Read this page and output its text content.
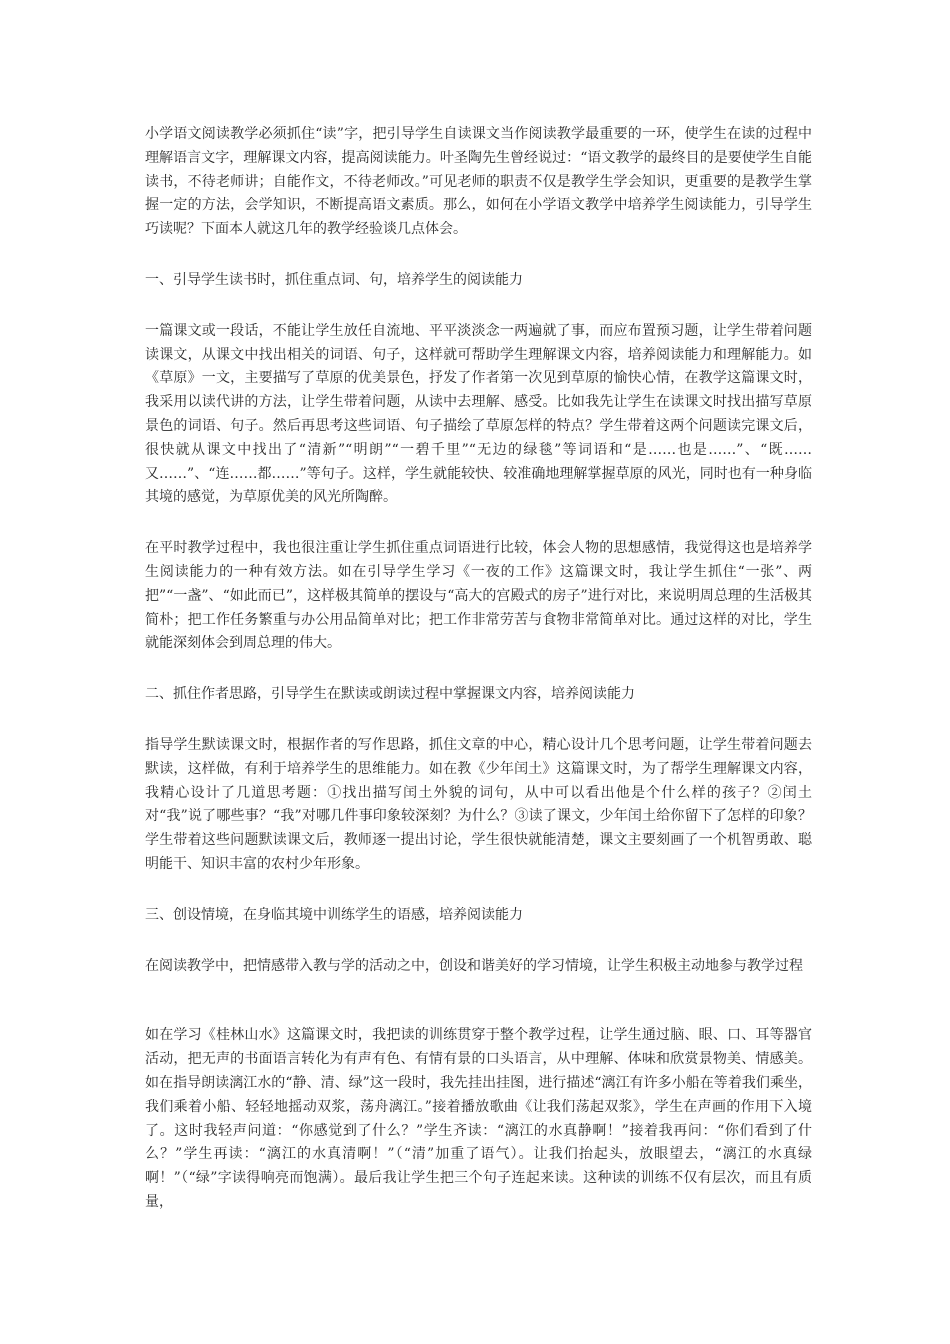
小学语文阅读教学必须抓住“读”字，把引导学生自读课文当作阅读教学最重要的一环，使学生在读的过程中理解语言文字，理解课文内容，提高阅读能力。叶圣陶先生曾经说过：“语文教学的最终目的是要使学生自能读书，不待老师讲；自能作文，不待老师改。”可见老师的职责不仅是教学生学会知识，更重要的是教学生掌握一定的方法，会学知识，不断提高语文素质。那么，如何在小学语文教学中培养学生阅读能力，引导学生巧读呢？下面本人就这几年的教学经验谈几点体会。

一、引导学生读书时，抓住重点词、句，培养学生的阅读能力

一篇课文或一段话，不能让学生放任自流地、平平淡淡念一两遍就了事，而应布置预习题，让学生带着问题读课文，从课文中找出相关的词语、句子，这样就可帮助学生理解课文内容，培养阅读能力和理解能力。如《草原》一文，主要描写了草原的优美景色，抒发了作者第一次见到草原的愉快心情，在教学这篇课文时，我采用以读代讲的方法，让学生带着问题，从读中去理解、感受。比如我先让学生在读课文时找出描写草原景色的词语、句子。然后再思考这些词语、句子描绘了草原怎样的特点？学生带着这两个问题读完课文后，很快就从课文中找出了“清新”“明朗”“一碧千里”“无边的绿毯”等词语和“是……也是……”、“既……又……”、“连……都……”等句子。这样，学生就能较快、较准确地理解掌握草原的风光，同时也有一种身临其境的感觉，为草原优美的风光所陶醉。

在平时教学过程中，我也很注重让学生抓住重点词语进行比较，体会人物的思想感情，我觉得这也是培养学生阅读能力的一种有效方法。如在引导学生学习《一夜的工作》这篇课文时，我让学生抓住“一张”、两把”“一盏”、“如此而已”，这样极其简单的摆设与“高大的宫殿式的房子”进行对比，来说明周总理的生活极其简朴；把工作任务繁重与办公用品简单对比；把工作非常劳苦与食物非常简单对比。通过这样的对比，学生就能深刻体会到周总理的伟大。

二、抓住作者思路，引导学生在默读或朗读过程中掌握课文内容，培养阅读能力

指导学生默读课文时，根据作者的写作思路，抓住文章的中心，精心设计几个思考问题，让学生带着问题去默读，这样做，有利于培养学生的思维能力。如在教《少年闰土》这篇课文时，为了帮学生理解课文内容，我精心设计了几道思考题：①找出描写闰土外貌的词句，从中可以看出他是个什么样的孩子？②闰土对“我”说了哪些事？“我”对哪几件事印象较深刻？为什么？③读了课文，少年闰土给你留下了怎样的印象？学生带着这些问题默读课文后，教师逐一提出讨论，学生很快就能清楚，课文主要刻画了一个机智勇敢、聪明能干、知识丰富的农村少年形象。

三、创设情境，在身临其境中训练学生的语感，培养阅读能力

在阅读教学中，把情感带入教与学的活动之中，创设和谐美好的学习情境，让学生积极主动地参与教学过程

如在学习《桂林山水》这篇课文时，我把读的训练贯穿于整个教学过程，让学生通过脑、眼、口、耳等器官活动，把无声的书面语言转化为有声有色、有情有景的口头语言，从中理解、体味和欣赏景物美、情感美。如在指导朗读漓江水的“静、清、绿”这一段时，我先挂出挂图，进行描述“漓江有许多小船在等着我们乘坐，我们乘着小船、轻轻地摇动双浆，荡舟漓江。”接着播放歌曲《让我们荡起双浆》，学生在声画的作用下入境了。这时我轻声问道：“你感觉到了什么？”学生齐读：“漓江的水真静啊！”接着我再问：“你们看到了什么？”学生再读：“漓江的水真清啊！”（“清”加重了语气）。让我们抬起头，放眼望去，“漓江的水真绿啊！”（“绿”字读得响亮而饱满）。最后我让学生把三个句子连起来读。这种读的训练不仅有层次，而且有质量，
